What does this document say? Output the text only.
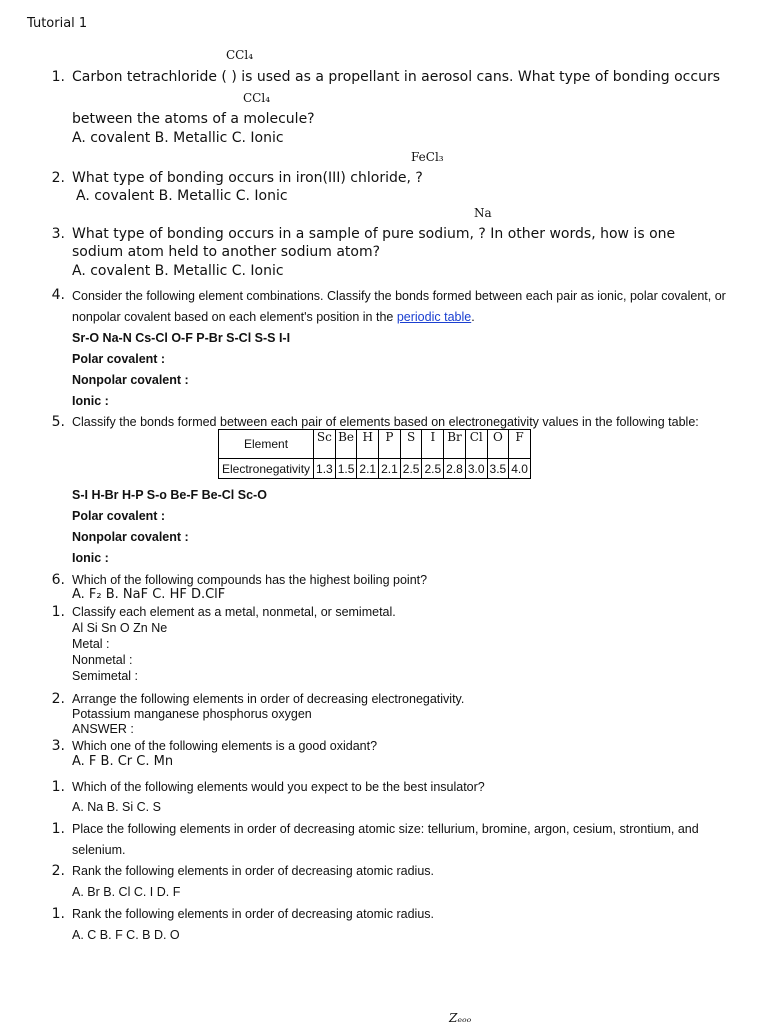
Tutorial 1
CCl₄
1. Carbon tetrachloride ( ) is used as a propellant in aerosol cans. What type of bonding occurs
CCl₄
between the atoms of a molecule?
A. covalent B. Metallic C. Ionic
FeCl₃
2. What type of bonding occurs in iron(III) chloride, ?
A. covalent B. Metallic C. Ionic
Na
3. What type of bonding occurs in a sample of pure sodium, ? In other words, how is one
sodium atom held to another sodium atom?
A. covalent B. Metallic C. Ionic
4. Consider the following element combinations. Classify the bonds formed between each pair as ionic, polar covalent, or
nonpolar covalent based on each element's position in the periodic table.
Sr-O Na-N Cs-Cl O-F P-Br S-Cl S-S I-I
Polar covalent :
Nonpolar covalent :
Ionic :
5. Classify the bonds formed between each pair of elements based on electronegativity values in the following table:
Element	Sc	Be	H	P	S	I	Br	Cl	O	F
Electronegativity	1.3	1.5	2.1	2.1	2.5	2.5	2.8	3.0	3.5	4.0
S-I H-Br H-P S-o Be-F Be-Cl Sc-O
Polar covalent :
Nonpolar covalent :
Ionic :
6. Which of the following compounds has the highest boiling point?
A. F₂ B. NaF C. HF D.ClF
1. Classify each element as a metal, nonmetal, or semimetal.
Al Si Sn O Zn Ne
Metal :
Nonmetal :
Semimetal :
2. Arrange the following elements in order of decreasing electronegativity.
Potassium manganese phosphorus oxygen
ANSWER :
3. Which one of the following elements is a good oxidant?
A. F B. Cr C. Mn
1. Which of the following elements would you expect to be the best insulator?
A. Na B. Si C. S
1. Place the following elements in order of decreasing atomic size: tellurium, bromine, argon, cesium, strontium, and
selenium.
2. Rank the following elements in order of decreasing atomic radius.
A. Br B. Cl C. I D. F
1. Rank the following elements in order of decreasing atomic radius.
A. C B. F C. B D. O
Zₑₒₒ
